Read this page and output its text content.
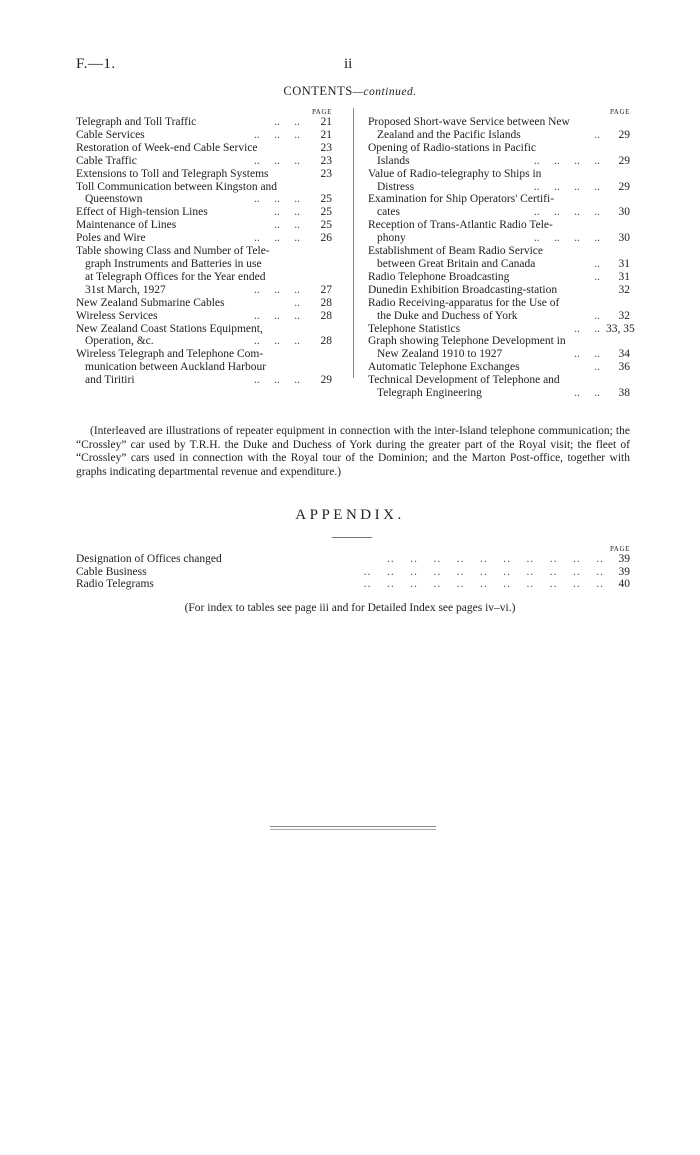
F.—1.	ii
CONTENTS—continued.
PAGE
Telegraph and Toll Traffic	..     ..	21
Cable Services	..     ..     ..	21
Restoration of Week-end Cable Service	23
Cable Traffic	..     ..     ..	23
Extensions to Toll and Telegraph Systems	23
Toll Communication between Kingston and
Queenstown	..     ..     ..	25
Effect of High-tension Lines	..     ..	25
Maintenance of Lines	..     ..	25
Poles and Wire	..     ..     ..	26
Table showing Class and Number of Tele-
graph Instruments and Batteries in use
at Telegraph Offices for the Year ended
31st March, 1927	..     ..     ..	27
New Zealand Submarine Cables	..	28
Wireless Services	..     ..     ..	28
New Zealand Coast Stations Equipment,
Operation, &c.	..     ..     ..	28
Wireless Telegraph and Telephone Com-
munication between Auckland Harbour
and Tiritiri	..     ..     ..	29
PAGE
Proposed Short-wave Service between New
Zealand and the Pacific Islands	..	29
Opening of Radio-stations in Pacific
Islands	..     ..     ..     ..	29
Value of Radio-telegraphy to Ships in
Distress	..     ..     ..     ..	29
Examination for Ship Operators' Certifi-
cates	..     ..     ..     ..	30
Reception of Trans-Atlantic Radio Tele-
phony	..     ..     ..     ..	30
Establishment of Beam Radio Service
between Great Britain and Canada	..	31
Radio Telephone Broadcasting	..	31
Dunedin Exhibition Broadcasting-station	32
Radio Receiving-apparatus for the Use of
the Duke and Duchess of York	..	32
Telephone Statistics	..     .. 33, 35
Graph showing Telephone Development in
New Zealand 1910 to 1927	..     ..	34
Automatic Telephone Exchanges	..	36
Technical Development of Telephone and
Telegraph Engineering	..     ..	38
(Interleaved are illustrations of repeater equipment in connection with the inter-Island telephone communication; the “Crossley” car used by T.R.H. the Duke and Duchess of York during the greater part of the Royal visit; the fleet of “Crossley” cars used in connection with the Royal tour of the Dominion; and the Marton Post-office, together with graphs indicating departmental revenue and expenditure.)
APPENDIX.
PAGE
Designation of Offices changed	..    ..    ..    ..    ..    ..    ..    ..    ..    ..	39
Cable Business	..    ..    ..    ..    ..    ..    ..    ..    ..    ..    ..	39
Radio Telegrams	..    ..    ..    ..    ..    ..    ..    ..    ..    ..    ..	40
(For index to tables see page iii and for Detailed Index see pages iv–vi.)
